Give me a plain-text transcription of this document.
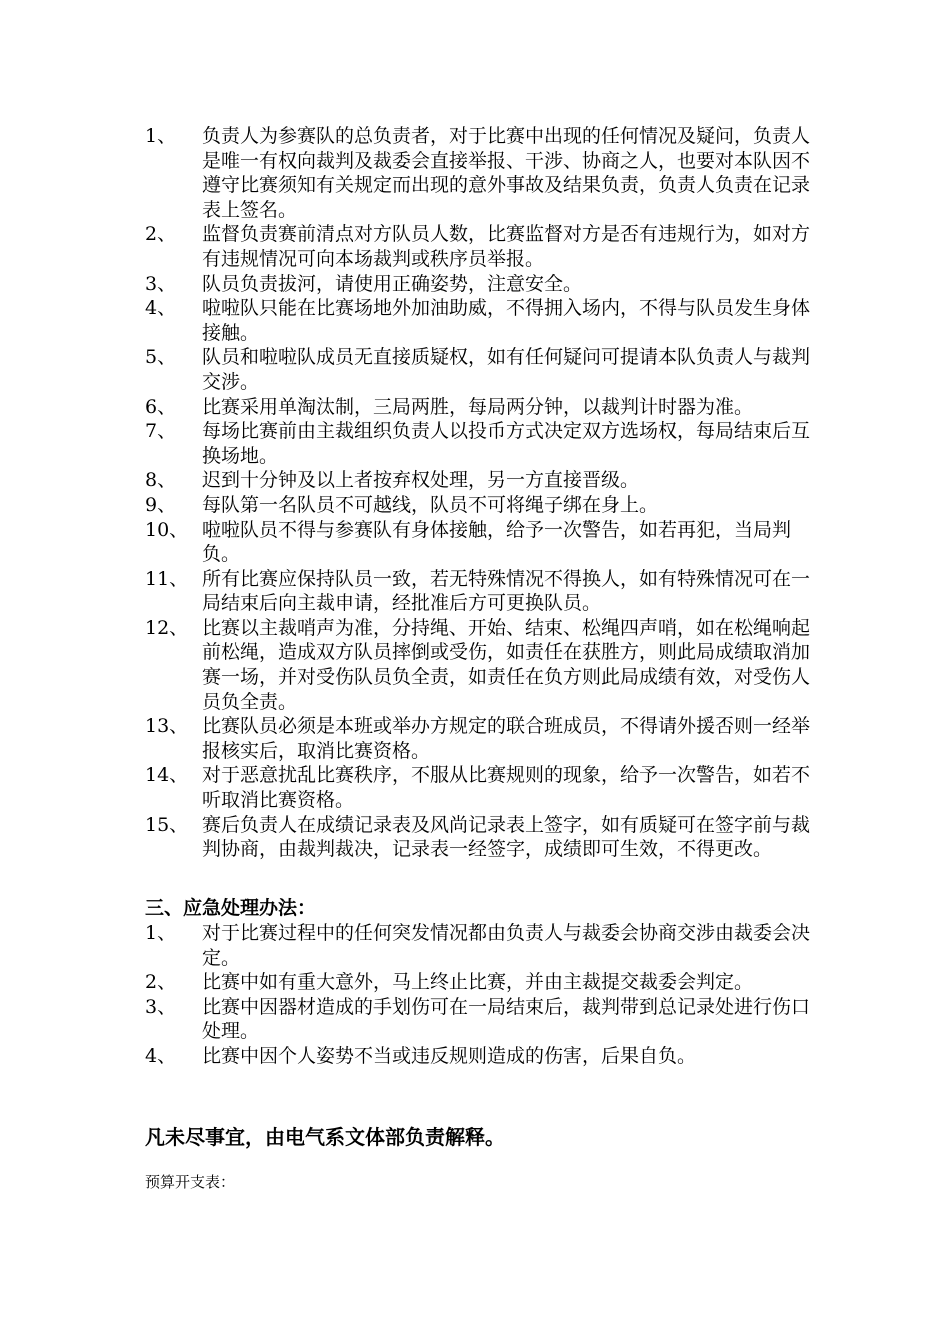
1、	负责人为参赛队的总负责者，对于比赛中出现的任何情况及疑问，负责人是唯一有权向裁判及裁委会直接举报、干涉、协商之人，也要对本队因不遵守比赛须知有关规定而出现的意外事故及结果负责，负责人负责在记录表上签名。
2、	监督负责赛前清点对方队员人数，比赛监督对方是否有违规行为，如对方有违规情况可向本场裁判或秩序员举报。
3、	队员负责拔河，请使用正确姿势，注意安全。
4、	啦啦队只能在比赛场地外加油助威，不得拥入场内，不得与队员发生身体接触。
5、	队员和啦啦队成员无直接质疑权，如有任何疑问可提请本队负责人与裁判交涉。
6、	比赛采用单淘汰制，三局两胜，每局两分钟，以裁判计时器为准。
7、	每场比赛前由主裁组织负责人以投币方式决定双方选场权，每局结束后互换场地。
8、	迟到十分钟及以上者按弃权处理，另一方直接晋级。
9、	每队第一名队员不可越线，队员不可将绳子绑在身上。
10、 啦啦队员不得与参赛队有身体接触，给予一次警告，如若再犯，当局判负。
11、 所有比赛应保持队员一致，若无特殊情况不得换人，如有特殊情况可在一局结束后向主裁申请，经批准后方可更换队员。
12、 比赛以主裁哨声为准，分持绳、开始、结束、松绳四声哨，如在松绳响起前松绳，造成双方队员摔倒或受伤，如责任在获胜方，则此局成绩取消加赛一场，并对受伤队员负全责，如责任在负方则此局成绩有效，对受伤人员负全责。
13、 比赛队员必须是本班或举办方规定的联合班成员，不得请外援否则一经举报核实后，取消比赛资格。
14、 对于恶意扰乱比赛秩序，不服从比赛规则的现象，给予一次警告，如若不听取消比赛资格。
15、 赛后负责人在成绩记录表及风尚记录表上签字，如有质疑可在签字前与裁判协商，由裁判裁决，记录表一经签字，成绩即可生效，不得更改。
三、应急处理办法：
1、	对于比赛过程中的任何突发情况都由负责人与裁委会协商交涉由裁委会决定。
2、	比赛中如有重大意外，马上终止比赛，并由主裁提交裁委会判定。
3、	比赛中因器材造成的手划伤可在一局结束后，裁判带到总记录处进行伤口处理。
4、	比赛中因个人姿势不当或违反规则造成的伤害，后果自负。
凡未尽事宜，由电气系文体部负责解释。
预算开支表：
